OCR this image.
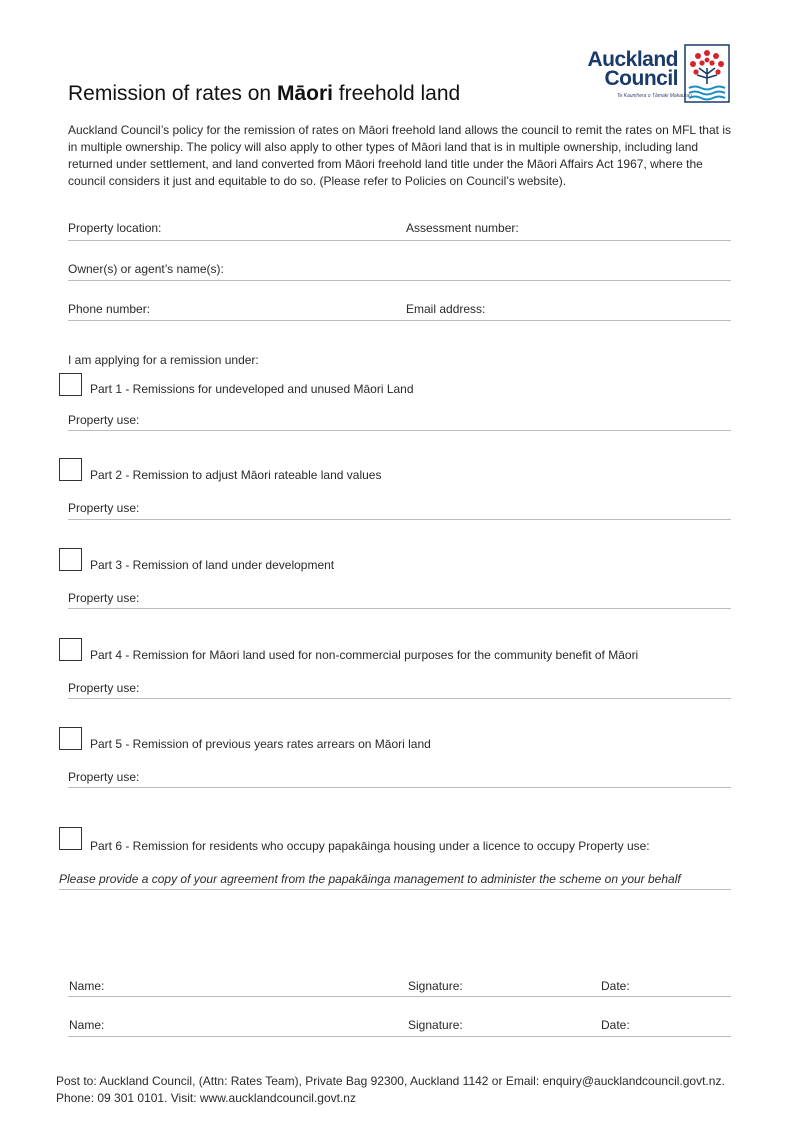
Auckland
Council
Te Kaunihera o Tāmaki Makaurau
Remission of rates on Māori freehold land
Auckland Council’s policy for the remission of rates on Māori freehold land allows the council to remit the rates on MFL that is in multiple ownership. The policy will also apply to other types of Māori land that is in multiple ownership, including land returned under settlement, and land converted from Māori freehold land title under the Māori Affairs Act 1967, where the council considers it just and equitable to do so. (Please refer to Policies on Council’s website).
Property location:	Assessment number:
Owner(s) or agent’s name(s):
Phone number:	Email address:
I am applying for a remission under:
Part 1 - Remissions for undeveloped and unused Māori Land
Property use:
Part 2 - Remission to adjust Māori rateable land values
Property use:
Part 3 - Remission of land under development
Property use:
Part 4 - Remission for Māori land used for non-commercial purposes for the community benefit of Māori
Property use:
Part 5 - Remission of previous years rates arrears on Māori land
Property use:
Part 6 - Remission for residents who occupy papakāinga housing under a licence to occupy Property use:
Please provide a copy of your agreement from the papakāinga management to administer the scheme on your behalf
Name:	Signature:	Date:
Name:	Signature:	Date:
Post to: Auckland Council, (Attn: Rates Team), Private Bag 92300, Auckland 1142 or Email: enquiry@aucklandcouncil.govt.nz.
Phone: 09 301 0101. Visit: www.aucklandcouncil.govt.nz
